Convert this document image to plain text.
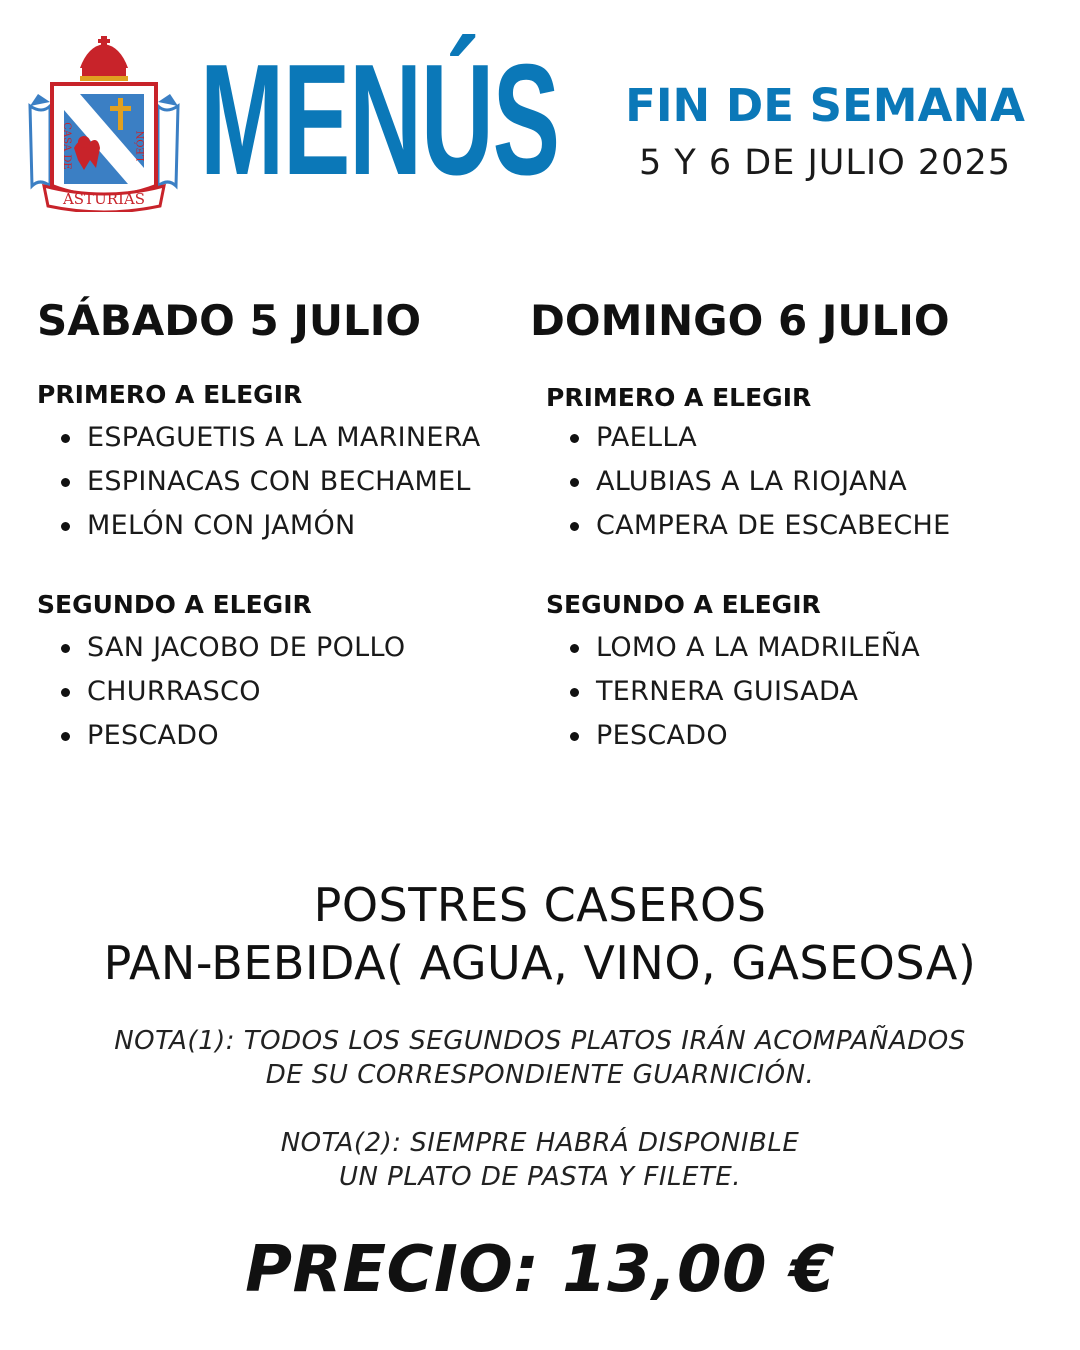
CASA DE	LEÓN
ASTURIAS MENÚS	FIN DE SEMANA
5 Y 6 DE JULIO 2025
SÁBADO 5 JULIO
PRIMERO A ELEGIR
ESPAGUETIS A LA MARINERA
ESPINACAS CON BECHAMEL
MELÓN CON JAMÓN
SEGUNDO A ELEGIR
SAN JACOBO DE POLLO
CHURRASCO
PESCADO
DOMINGO 6 JULIO
PRIMERO A ELEGIR
PAELLA
ALUBIAS A LA RIOJANA
CAMPERA DE ESCABECHE
SEGUNDO A ELEGIR
LOMO A LA MADRILEÑA
TERNERA GUISADA
PESCADO
POSTRES CASEROS
PAN-BEBIDA( AGUA, VINO, GASEOSA)
NOTA(1): TODOS LOS SEGUNDOS PLATOS IRÁN ACOMPAÑADOS
DE SU CORRESPONDIENTE GUARNICIÓN.
NOTA(2): SIEMPRE HABRÁ DISPONIBLE
UN PLATO DE PASTA Y FILETE.
PRECIO: 13,00 €
